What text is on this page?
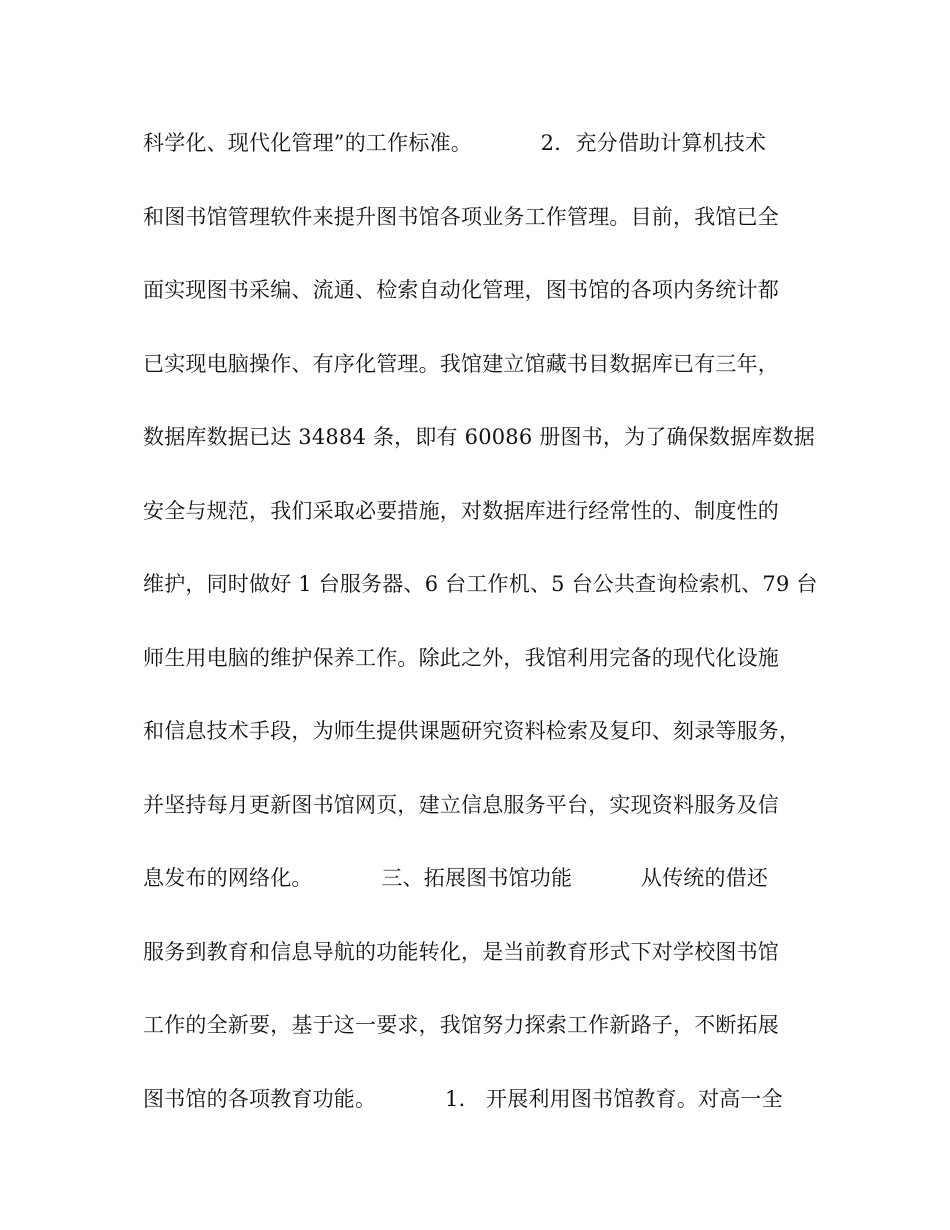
科学化、现代化管理”的工作标准。          2．充分借助计算机技术
和图书馆管理软件来提升图书馆各项业务工作管理。目前，我馆已全
面实现图书采编、流通、检索自动化管理，图书馆的各项内务统计都
已实现电脑操作、有序化管理。我馆建立馆藏书目数据库已有三年，
数据库数据已达 34884 条，即有 60086 册图书，为了确保数据库数据
安全与规范，我们采取必要措施，对数据库进行经常性的、制度性的
维护，同时做好 1 台服务器、6 台工作机、5 台公共查询检索机、79 台
师生用电脑的维护保养工作。除此之外，我馆利用完备的现代化设施
和信息技术手段，为师生提供课题研究资料检索及复印、刻录等服务，
并坚持每月更新图书馆网页，建立信息服务平台，实现资料服务及信
息发布的网络化。          三、拓展图书馆功能          从传统的借还
服务到教育和信息导航的功能转化，是当前教育形式下对学校图书馆
工作的全新要，基于这一要求，我馆努力探索工作新路子，不断拓展
图书馆的各项教育功能。          1.   开展利用图书馆教育。对高一全
